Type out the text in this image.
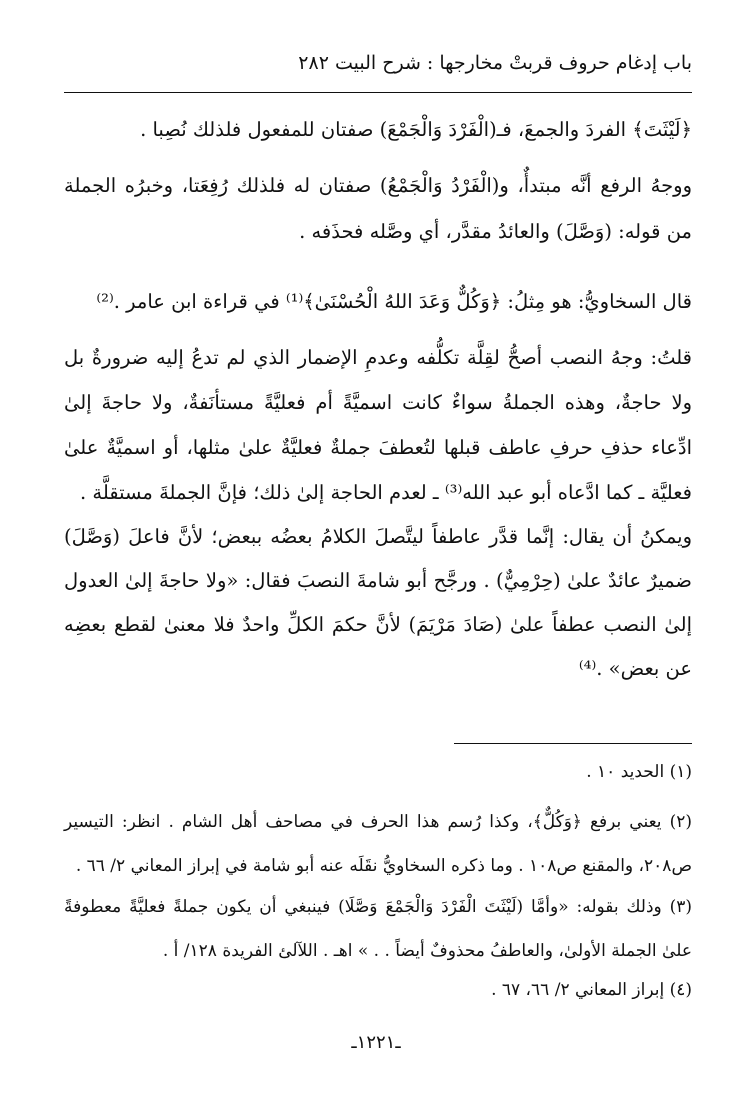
باب إدغام حروف قربتْ مخارجها : شرح البيت ٢٨٢

﴿لَيْثَتَ﴾ الفردَ والجمعَ، فـ(الْفَرْدَ وَالْجَمْعَ) صفتان للمفعول فلذلك نُصِبا .

ووجهُ الرفع أنَّه مبتدأٌ، و(الْفَرْدُ وَالْجَمْعُ) صفتان له فلذلك رُفِعَتا، وخبرُه الجملة من قوله: (وَصَّلَ) والعائدُ مقدَّر، أي وصَّله فحذَفه .

قال السخاويُّ: هو مِثلُ: ﴿وَكُلٌّ وَعَدَ اللهُ الْحُسْنَىٰ﴾⁽¹⁾ في قراءة ابن عامر .⁽²⁾

قلتُ: وجهُ النصب أصحُّ لقِلَّة تكلُّفه وعدمِ الإضمار الذي لم تدعُ إليه ضرورةٌ بل ولا حاجةٌ، وهذه الجملةُ سواءٌ كانت اسميَّةً أم فعليَّةً مستأنَفةٌ، ولا حاجةَ إلىٰ ادِّعاء حذفِ حرفِ عاطف قبلها لتُعطفَ جملةٌ فعليَّةٌ علىٰ مثلها، أو اسميَّةٌ علىٰ فعليَّة ـ كما ادَّعاه أبو عبد الله⁽³⁾ ـ لعدم الحاجة إلىٰ ذلك؛ فإنَّ الجملةَ مستقلَّة .

ويمكنُ أن يقال: إنَّما قدَّر عاطفاً ليتَّصلَ الكلامُ بعضُه ببعض؛ لأنَّ فاعلَ (وَصَّلَ) ضميرٌ عائدٌ علىٰ (حِرْمِيٌّ) . ورجَّح أبو شامةَ النصبَ فقال: «ولا حاجةَ إلىٰ العدول إلىٰ النصب عطفاً علىٰ (صَادَ مَرْيَمَ) لأنَّ حكمَ الكلِّ واحدٌ فلا معنىٰ لقطع بعضِه عن بعض» .⁽⁴⁾

(١) الحديد ١٠ .

(٢) يعني برفع ﴿وَكُلٌّ﴾، وكذا رُسم هذا الحرف في مصاحف أهل الشام . انظر: التيسير ص٢٠٨، والمقنع ص١٠٨ . وما ذكره السخاويُّ نقَلَه عنه أبو شامة في إبراز المعاني ٢/ ٦٦ .

(٣) وذلك بقوله: «وأمَّا (لَيْثَتَ الْفَرْدَ وَالْجَمْعَ وَصَّلَا) فينبغي أن يكون جملةً فعليَّةً معطوفةً علىٰ الجملة الأولىٰ، والعاطفُ محذوفٌ أيضاً . . » اهـ . اللآلئ الفريدة ١٢٨/ أ .

(٤) إبراز المعاني ٢/ ٦٦، ٦٧ .

ـ١٢٢١ـ
